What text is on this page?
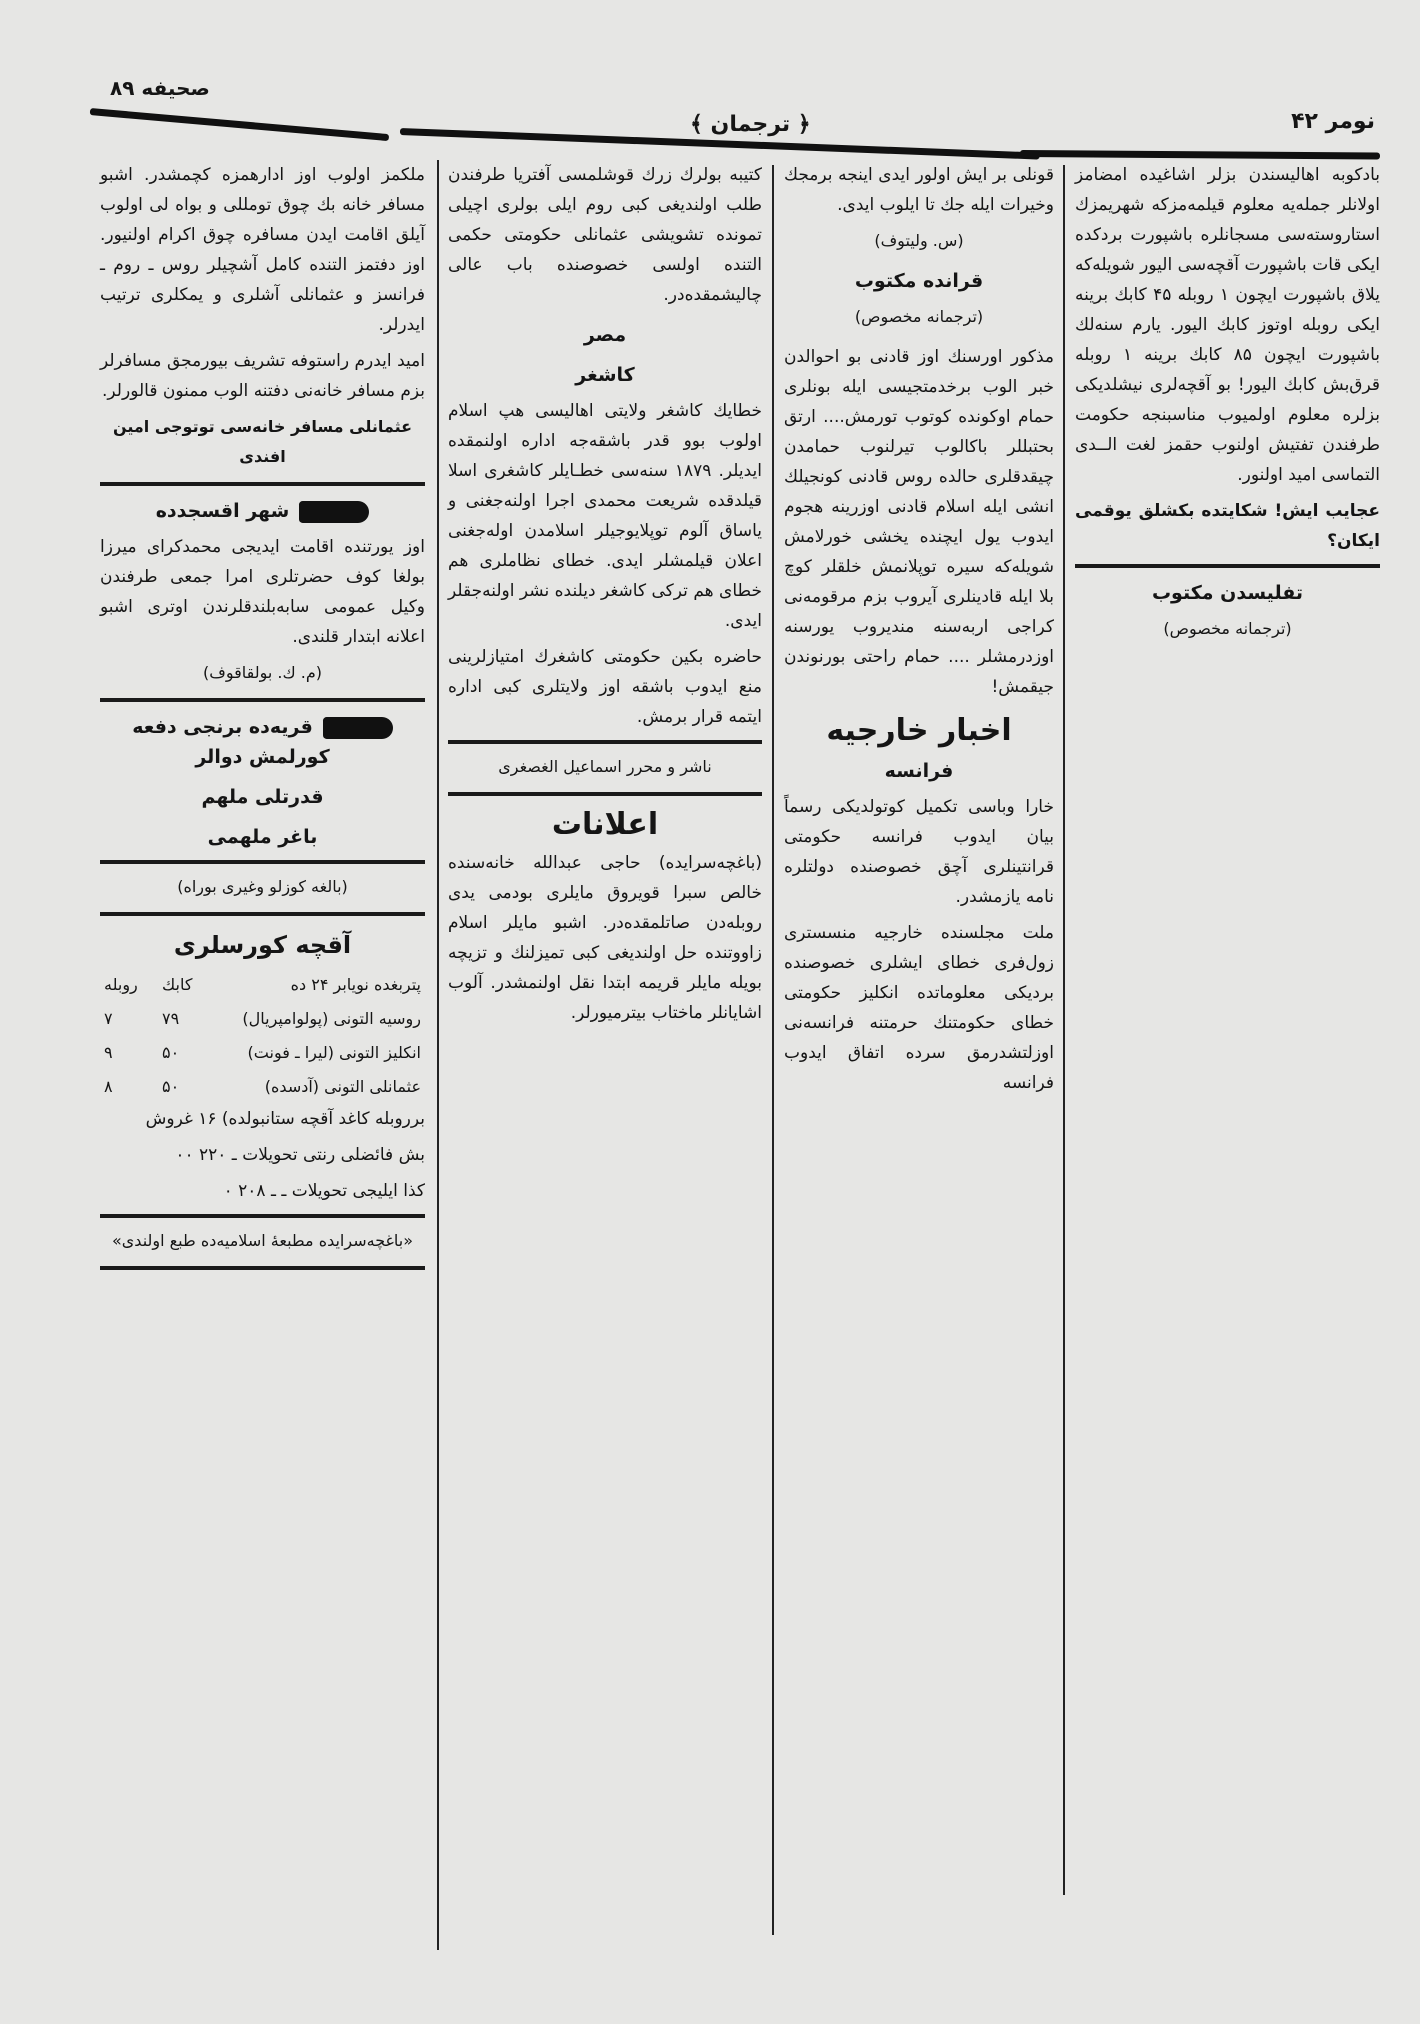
صحيفه ۸۹
﴿ ترجمان ﴾	نومر ۴۲

بادكوبه اهالیسندن بزلر اشاغیده امضامز اولانلر جمله‌یه معلوم قیلمه‌مزكه شهریمزك استاروسته‌سی مسجانلره باشپورت بردكده ایكی قات باشپورت آقچه‌سی الیور شویله‌كه یلاق باشپورت ایچون ۱ روبله ۴۵ كابك برینه ایكی روبله اوتوز كابك الیور. یارم سنه‌لك باشپورت ایچون ۸۵ كابك برینه ۱ روبله قرق‌بش كابك الیور! بو آقچه‌لری نیشلدیكی بزلره معلوم اولمیوب مناسبنجه حكومت طرفندن تفتیش اولنوب حقمز لغت الــدی التماسی امید اولنور.

عجایب ایش! شكایتده بكشلق یوقمی ایكان؟

تفلیسدن مكتوب
(ترجمانه مخصوص)

قونلی بر ایش اولور ایدی اینجه برمجك وخیرات ایله جك تا ایلوب ایدی.

(س. ولیتوف)
قرانده مكتوب
(ترجمانه مخصوص)

مذكور اورسنك اوز قادنی بو احوالدن خبر الوب برخدمتجیسی ایله بونلری حمام اوكونده كوتوب تورمش.... ارتق بحتبللر باكالوب تیرلنوب حمامدن چیقدقلری حالده روس قادنی كونجیلك انشی ایله اسلام قادنی اوزرینه هجوم ایدوب یول ایچنده یخشی خورلامش شویله‌كه سیره توپلانمش خلقلر كوچ بلا ایله قادینلری آیروب بزم مرقومه‌نی كراجی اربه‌سنه منديروب یورسنه اوزدرمشلر .... حمام راحتی بورنوندن جیقمش!

اخبار خارجیه
فرانسه

خارا وباسی تكمیل كوتولدیكی رسماً بیان ایدوب فرانسه حكومتی قرانتینلری آچق خصوصنده دولتلره نامه یازمشدر.

ملت مجلسنده خارجیه منسستری زول‌فری خطای ایشلری خصوصنده بردیكی معلوماتده انكلیز حكومتی خطای حكومتنك حرمتنه فرانسه‌نی اوزلتشدرمق سرده اتفاق ایدوب فرانسه

كتیبه بولرك زرك قوشلمسی آفتریا طرفندن طلب اولندیغی كبی روم ایلی بولری اچیلی تمونده تشویشی عثمانلی حكومتی حكمی التنده اولسی خصوصنده باب عالی چالیشمقده‌در.

مصر
كاشغر

خطایك كاشغر ولایتی اهالیسی هپ اسلام اولوب بوو قدر باشقه‌جه اداره اولنمقده ایدیلر. ۱۸۷۹ سنه‌سی خطـایلر كاشغری اسلا قیلدقده شریعت محمدی اجرا اولنه‌جغنی و یاساق آلوم توپلایوجیلر اسلامدن اوله‌جغنی اعلان قیلمشلر ایدی. خطای نظاملری هم خطای هم تركی كاشغر دیلنده نشر اولنه‌جقلر ایدی.

حاضره بكین حكومتی كاشغرك امتیازلرینی منع ایدوب باشقه اوز ولایتلری كبی اداره ایتمه قرار برمش.

ناشر و محرر اسماعیل الغصغری
اعلانات

(باغچه‌سرایده) حاجی عبدالله خانه‌سنده خالص سبرا قویروق مایلری بودمی یدی روبله‌دن صاتلمقده‌در. اشبو مایلر اسلام زاووتنده حل اولندیغی كبی تمیزلنك و تزیچه بویله مایلر قریمه ابتدا نقل اولنمشدر. آلوب اشایانلر ماختاب بیترمیورلر.

ملكمز اولوب اوز ادارهمزه كچمشدر. اشبو مسافر خانه بك چوق تومللی و بواه لی اولوب آیلق اقامت ایدن مسافره چوق اكرام اولنیور. اوز دفتمز التنده كامل آشچیلر روس ـ روم ـ فرانسز و عثمانلی آشلری و یمكلری ترتیب ایدرلر.

امید ایدرم راستوفه تشریف بیورمجق مسافرلر بزم مسافر خانه‌نی دفتنه الوب ممنون قالورلر.

عثمانلی مسافر خانه‌سی توتوجی امین افندی
شهر اقسجدده

اوز یورتنده اقامت ایدیجی محمدكرای میرزا بولغا كوف حضرتلری امرا جمعی طرفندن وكیل عمومی سابه‌بلندقلرندن اوتری اشبو اعلانه ابتدار قلندی.

(م. ك. بولقاقوف)
قریه‌ده برنجی دفعه كورلمش دوالر
قدرتلی ملهم
باغر ملهمی
(بالغه كوزلو وغیری بوراه)
آقچه كورسلری
پتربغده نویابر ۲۴ ده	كابك	روبله
روسیه التونی (پولوامپریال)	۷۹	۷
انكلیز التونی (لیرا ـ فونت)	۵۰	۹
عثمانلی التونی (آدسده)	۵۰	۸

برروبله كاغد آقچه ستانبولده) ۱۶ غروش

بش فائضلی رنتی تحویلات ـ ۲۲۰ ۰۰

كذا ایلیجی تحویلات ـ ـ ۲۰۸ ۰

«باغچه‌سرایده مطبعهٔ اسلامیه‌ده طبع اولندی»
